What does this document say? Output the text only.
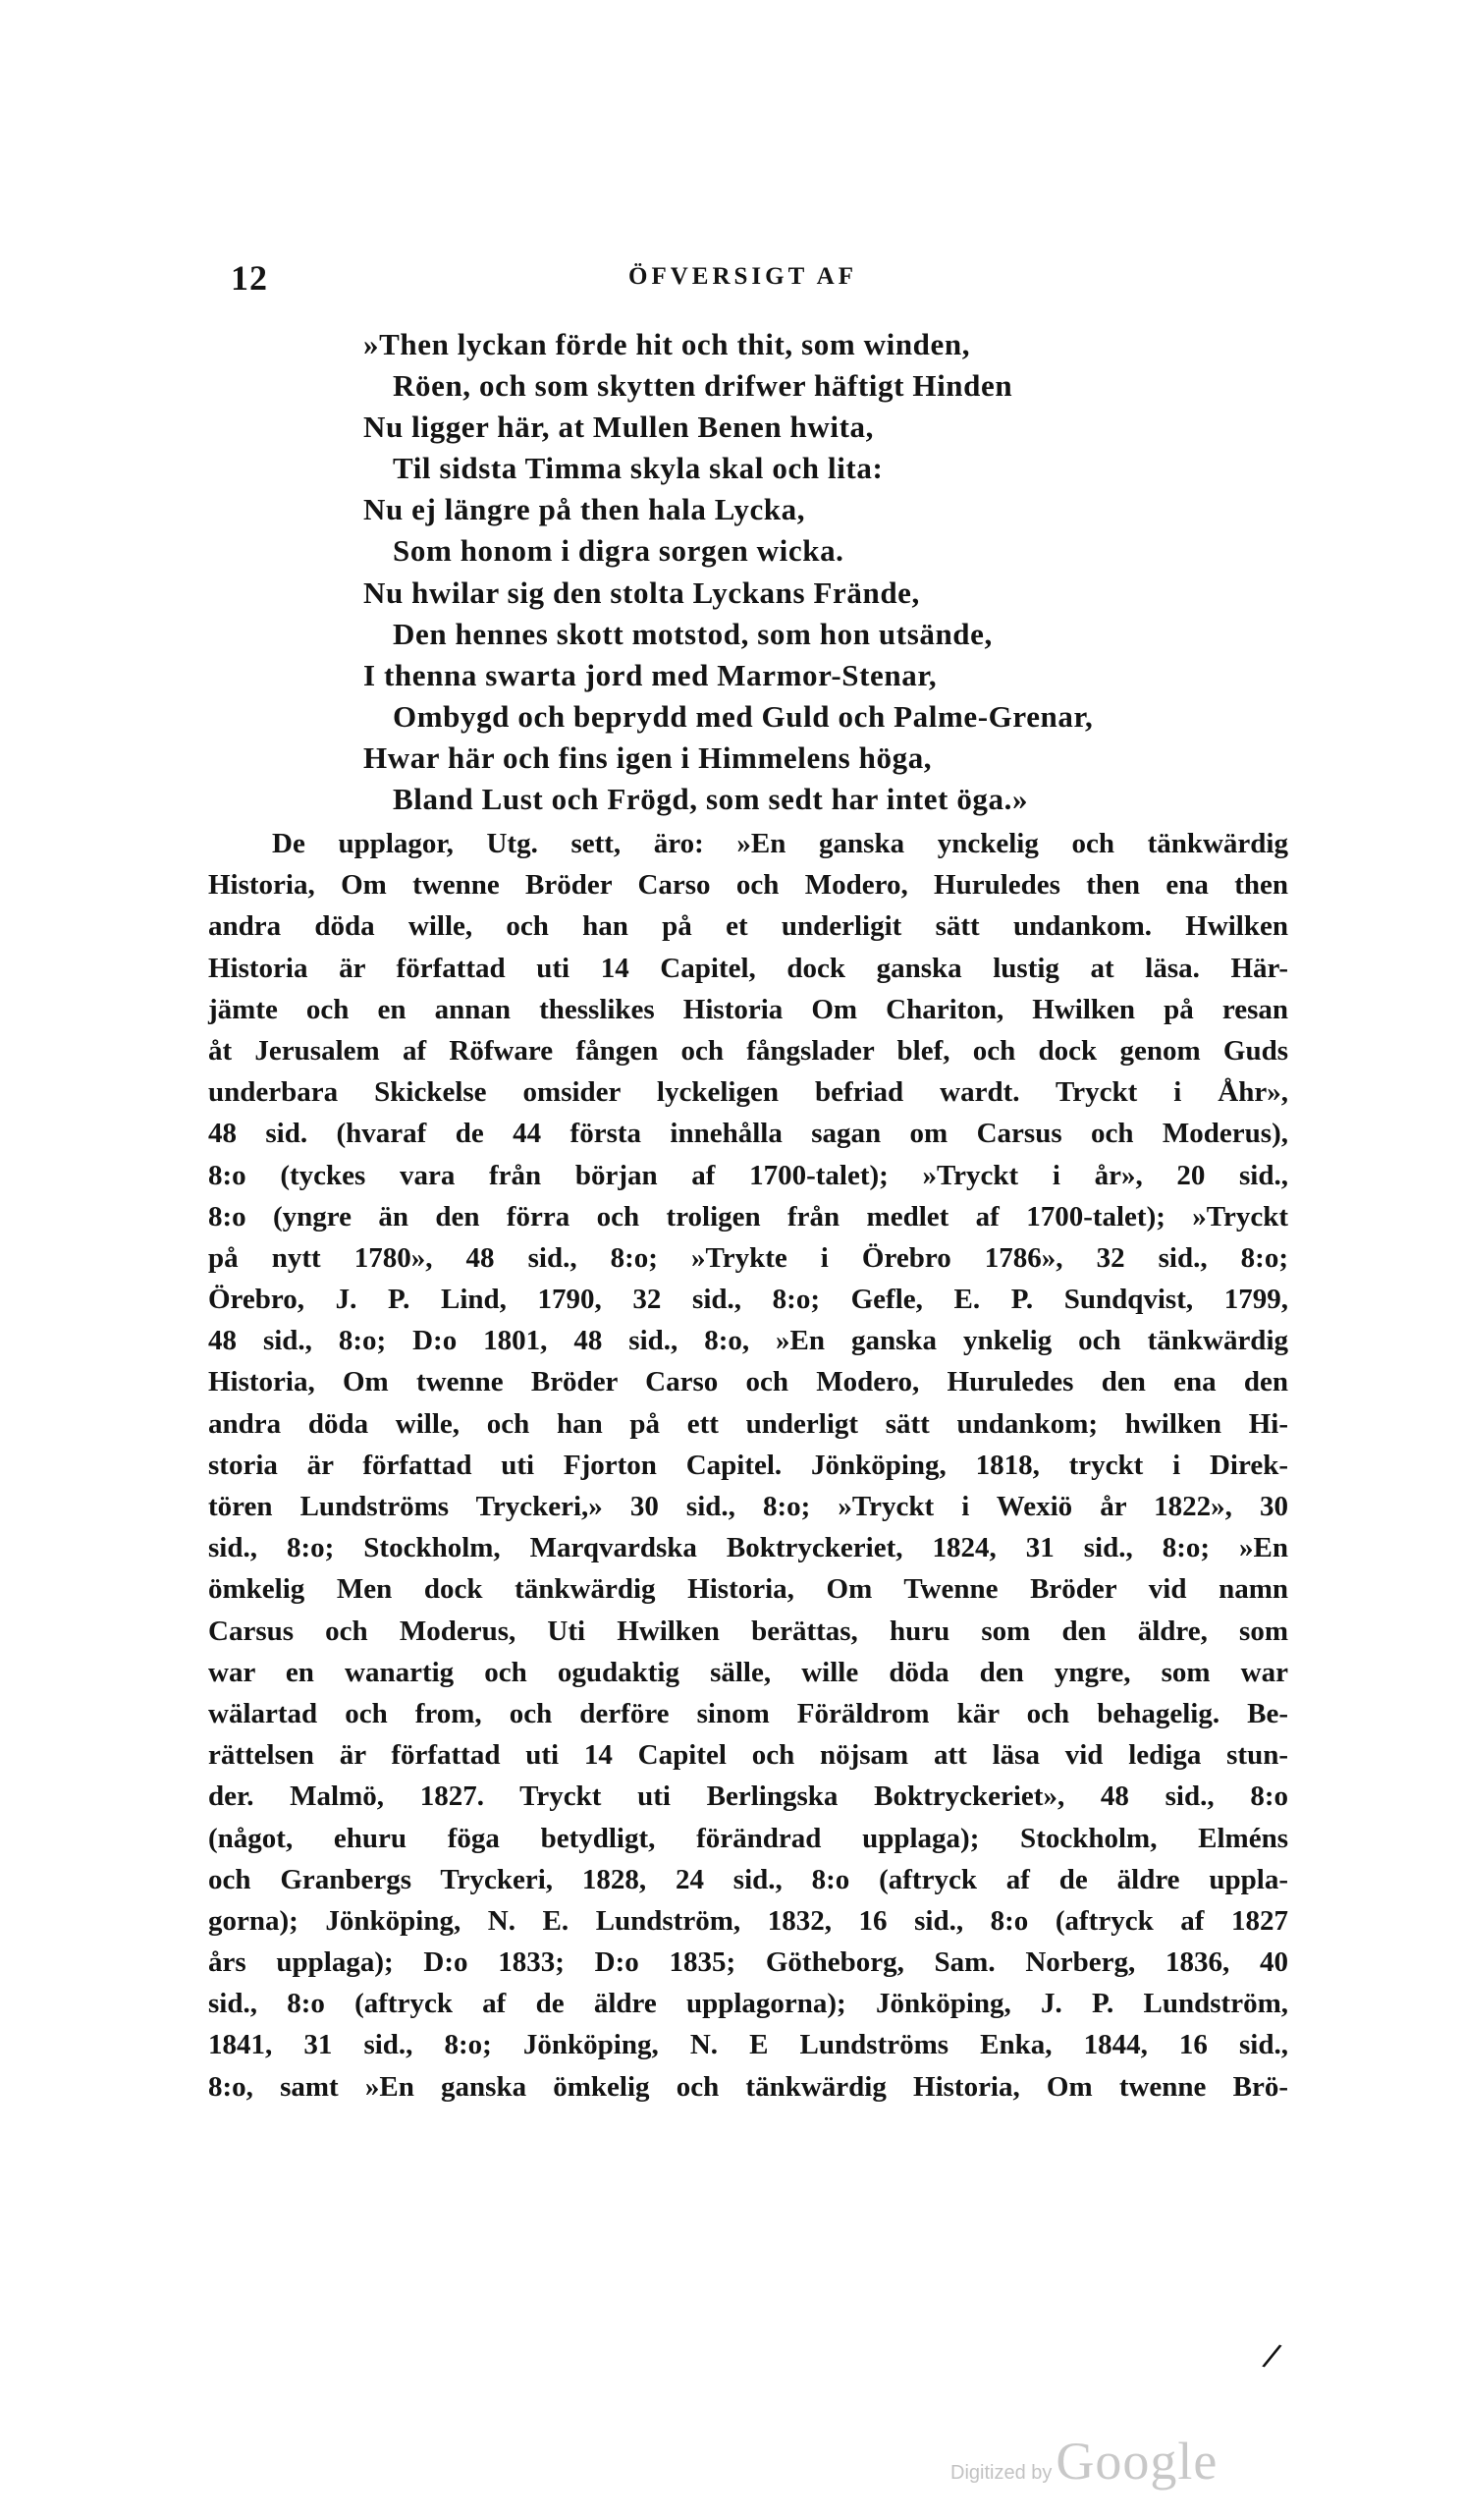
12	ÖFVERSIGT AF
»Then lyckan förde hit och thit, som winden,
Röen, och som skytten drifwer häftigt Hinden
Nu ligger här, at Mullen Benen hwita,
Til sidsta Timma skyla skal och lita:
Nu ej längre på then hala Lycka,
Som honom i digra sorgen wicka.
Nu hwilar sig den stolta Lyckans Frände,
Den hennes skott motstod, som hon utsände,
I thenna swarta jord med Marmor-Stenar,
Ombygd och beprydd med Guld och Palme-Grenar,
Hwar här och fins igen i Himmelens höga,
Bland Lust och Frögd, som sedt har intet öga.»
De upplagor, Utg. sett, äro: »En ganska ynckelig och tänkwärdig
Historia, Om twenne Bröder Carso och Modero, Huruledes then ena then
andra döda wille, och han på et underligit sätt undankom. Hwilken
Historia är författad uti 14 Capitel, dock ganska lustig at läsa. Här-
jämte och en annan thesslikes Historia Om Chariton, Hwilken på resan
åt Jerusalem af Röfware fången och fångslader blef, och dock genom Guds
underbara Skickelse omsider lyckeligen befriad wardt. Tryckt i Åhr»,
48 sid. (hvaraf de 44 första innehålla sagan om Carsus och Moderus),
8:o (tyckes vara från början af 1700-talet); »Tryckt i år», 20 sid.,
8:o (yngre än den förra och troligen från medlet af 1700-talet); »Tryckt
på nytt 1780», 48 sid., 8:o; »Trykte i Örebro 1786», 32 sid., 8:o;
Örebro, J. P. Lind, 1790, 32 sid., 8:o; Gefle, E. P. Sundqvist, 1799,
48 sid., 8:o; D:o 1801, 48 sid., 8:o, »En ganska ynkelig och tänkwärdig
Historia, Om twenne Bröder Carso och Modero, Huruledes den ena den
andra döda wille, och han på ett underligt sätt undankom; hwilken Hi-
storia är författad uti Fjorton Capitel. Jönköping, 1818, tryckt i Direk-
tören Lundströms Tryckeri,» 30 sid., 8:o; »Tryckt i Wexiö år 1822», 30
sid., 8:o; Stockholm, Marqvardska Boktryckeriet, 1824, 31 sid., 8:o; »En
ömkelig Men dock tänkwärdig Historia, Om Twenne Bröder vid namn
Carsus och Moderus, Uti Hwilken berättas, huru som den äldre, som
war en wanartig och ogudaktig sälle, wille döda den yngre, som war
wälartad och from, och derföre sinom Föräldrom kär och behagelig. Be-
rättelsen är författad uti 14 Capitel och nöjsam att läsa vid lediga stun-
der. Malmö, 1827. Tryckt uti Berlingska Boktryckeriet», 48 sid., 8:o
(något, ehuru föga betydligt, förändrad upplaga); Stockholm, Elméns
och Granbergs Tryckeri, 1828, 24 sid., 8:o (aftryck af de äldre uppla-
gorna); Jönköping, N. E. Lundström, 1832, 16 sid., 8:o (aftryck af 1827
års upplaga); D:o 1833; D:o 1835; Götheborg, Sam. Norberg, 1836, 40
sid., 8:o (aftryck af de äldre upplagorna); Jönköping, J. P. Lundström,
1841, 31 sid., 8:o; Jönköping, N. E Lundströms Enka, 1844, 16 sid.,
8:o, samt »En ganska ömkelig och tänkwärdig Historia, Om twenne Brö-
/
Digitized by Google
